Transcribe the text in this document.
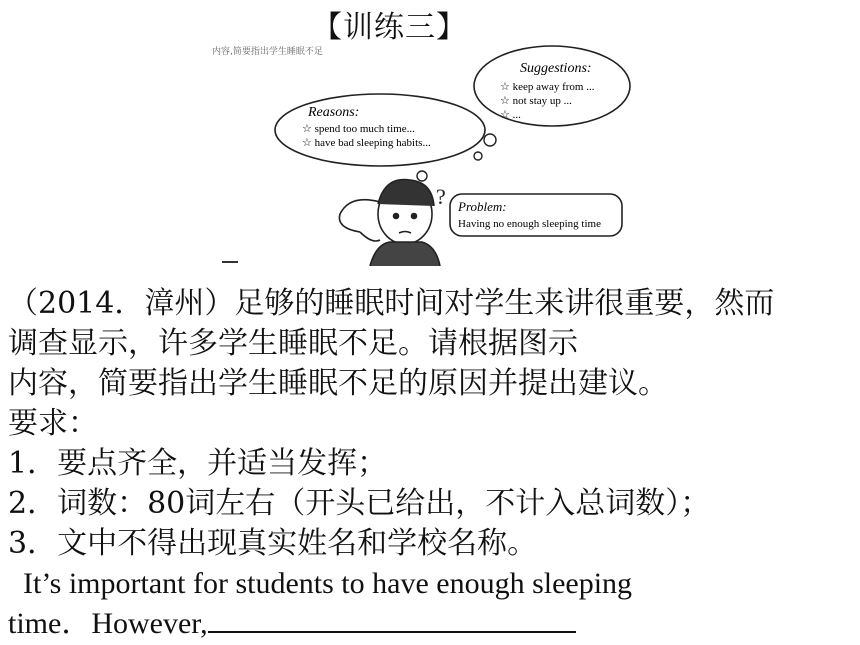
【训练三】
内容,简要指出学生睡眠不足
Suggestions:
☆ keep away from ...
☆ not stay up ...
☆ ...
Reasons:
☆ spend too much time...
☆ have bad sleeping habits...
? Problem:
Having no enough sleeping time
（2014．漳州）足够的睡眠时间对学生来讲很重要，然而
调查显示，许多学生睡眠不足。请根据图示
内容，简要指出学生睡眠不足的原因并提出建议。
要求：
1．要点齐全，并适当发挥；
2．词数：80词左右（开头已给出，不计入总词数）；
3．文中不得出现真实姓名和学校名称。
It’s important for students to have enough sleeping
time．However,
